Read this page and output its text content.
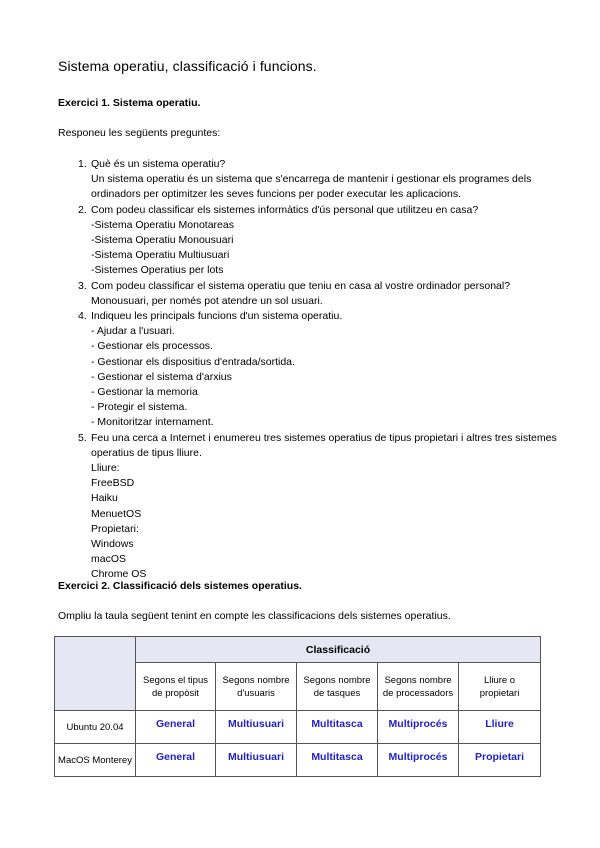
Sistema operatiu, classificació i funcions.
Exercici 1. Sistema operatiu.
Responeu les següents preguntes:
1. Què és un sistema operatiu?
Un sistema operatiu és un sistema que s'encarrega de mantenir i gestionar els programes dels ordinadors per optimitzer les seves funcions per poder executar les aplicacions.
2. Com podeu classificar els sistemes informàtics d'ús personal que utilitzeu en casa?
-Sistema Operatiu Monotareas
-Sistema Operatiu Monousuari
-Sistema Operatiu Multiusuari
-Sistemes Operatius per lots
3. Com podeu classificar el sistema operatiu que teniu en casa al vostre ordinador personal?
Monousuari, per només pot atendre un sol usuari.
4. Indiqueu les principals funcions d'un sistema operatiu.
- Ajudar a l'usuari.
- Gestionar els processos.
- Gestionar els dispositius d'entrada/sortida.
- Gestionar el sistema d'arxius
- Gestionar la memoria
- Protegir el sistema.
- Monitoritzar internament.
5. Feu una cerca a Internet i enumereu tres sistemes operatius de tipus propietari i altres tres sistemes operatius de tipus lliure.
Lliure:
FreeBSD
Haiku
MenuetOS
Propietari:
Windows
macOS
Chrome OS
Exercici 2. Classificació dels sistemes operatius.
Ompliu la taula següent tenint en compte les classificacions dels sistemes operatius.
	Classificació				
	Segons el tipus de propòsit	Segons nombre d'usuaris	Segons nombre de tasques	Segons nombre de processadors	Lliure o propietari
Ubuntu 20.04	General	Multiusuari	Multitasca	Multiprocés	Lliure
MacOS Monterey	General	Multiusuari	Multitasca	Multiprocés	Propietari
